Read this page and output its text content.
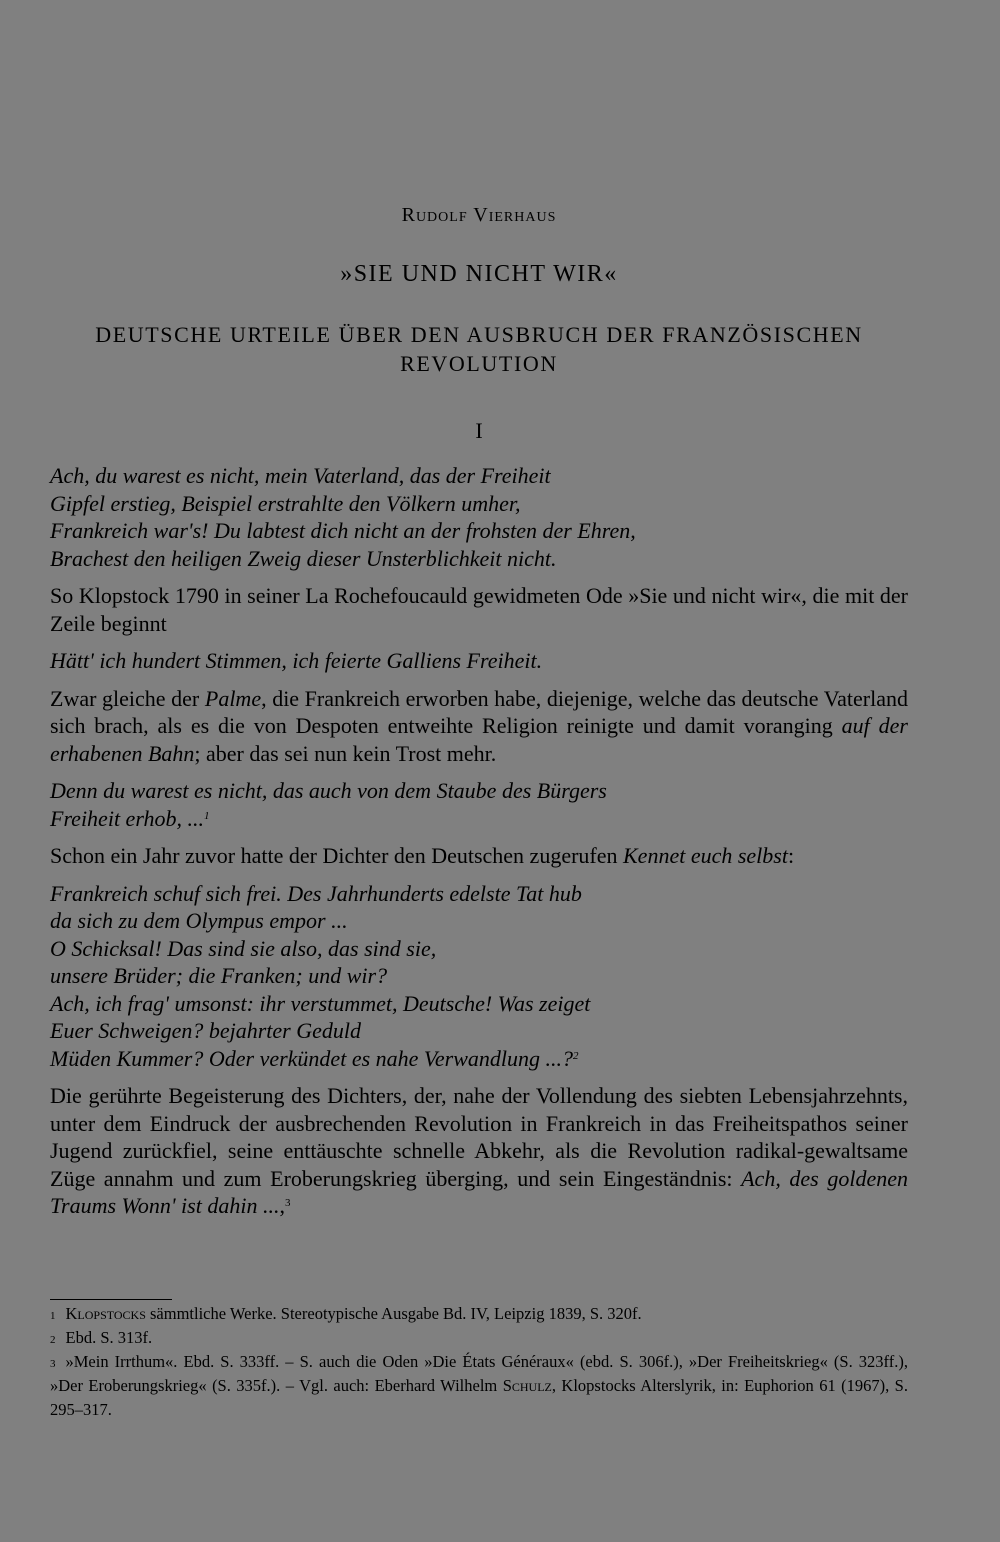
Rudolf Vierhaus
»SIE UND NICHT WIR«
DEUTSCHE URTEILE ÜBER DEN AUSBRUCH DER FRANZÖSISCHEN REVOLUTION
I
Ach, du warest es nicht, mein Vaterland, das der Freiheit
Gipfel erstieg, Beispiel erstrahlte den Völkern umher,
Frankreich war's! Du labtest dich nicht an der frohsten der Ehren,
Brachest den heiligen Zweig dieser Unsterblichkeit nicht.

So Klopstock 1790 in seiner La Rochefoucauld gewidmeten Ode »Sie und nicht wir«, die mit der Zeile beginnt

Hätt' ich hundert Stimmen, ich feierte Galliens Freiheit.

Zwar gleiche der Palme, die Frankreich erworben habe, diejenige, welche das deutsche Vaterland sich brach, als es die von Despoten entweihte Religion reinigte und damit voranging auf der erhabenen Bahn; aber das sei nun kein Trost mehr.

Denn du warest es nicht, das auch von dem Staube des Bürgers
Freiheit erhob, ...$^1$

Schon ein Jahr zuvor hatte der Dichter den Deutschen zugerufen Kennet euch selbst:

Frankreich schuf sich frei. Des Jahrhunderts edelste Tat hub
da sich zu dem Olympus empor ...
O Schicksal! Das sind sie also, das sind sie,
unsere Brüder; die Franken; und wir?
Ach, ich frag' umsonst: ihr verstummet, Deutsche! Was zeiget
Euer Schweigen? bejahrter Geduld
Müden Kummer? Oder verkündet es nahe Verwandlung ...?$^2$

Die gerührte Begeisterung des Dichters, der, nahe der Vollendung des siebten Lebensjahrzehnts, unter dem Eindruck der ausbrechenden Revolution in Frankreich in das Freiheitspathos seiner Jugend zurückfiel, seine enttäuschte schnelle Abkehr, als die Revolution radikal-gewaltsame Züge annahm und zum Eroberungskrieg überging, und sein Eingeständnis: Ach, des goldenen Traums Wonn' ist dahin ...,$^3$

$^1$ Klopstocks sämmtliche Werke. Stereotypische Ausgabe Bd. IV, Leipzig 1839, S. 320f.
$^2$ Ebd. S. 313f.
$^3$ »Mein Irrthum«. Ebd. S. 333ff. – S. auch die Oden »Die États Généraux« (ebd. S. 306f.), »Der Freiheitskrieg« (S. 323ff.), »Der Eroberungskrieg« (S. 335f.). – Vgl. auch: Eberhard Wilhelm Schulz, Klopstocks Alterslyrik, in: Euphorion 61 (1967), S. 295–317.
